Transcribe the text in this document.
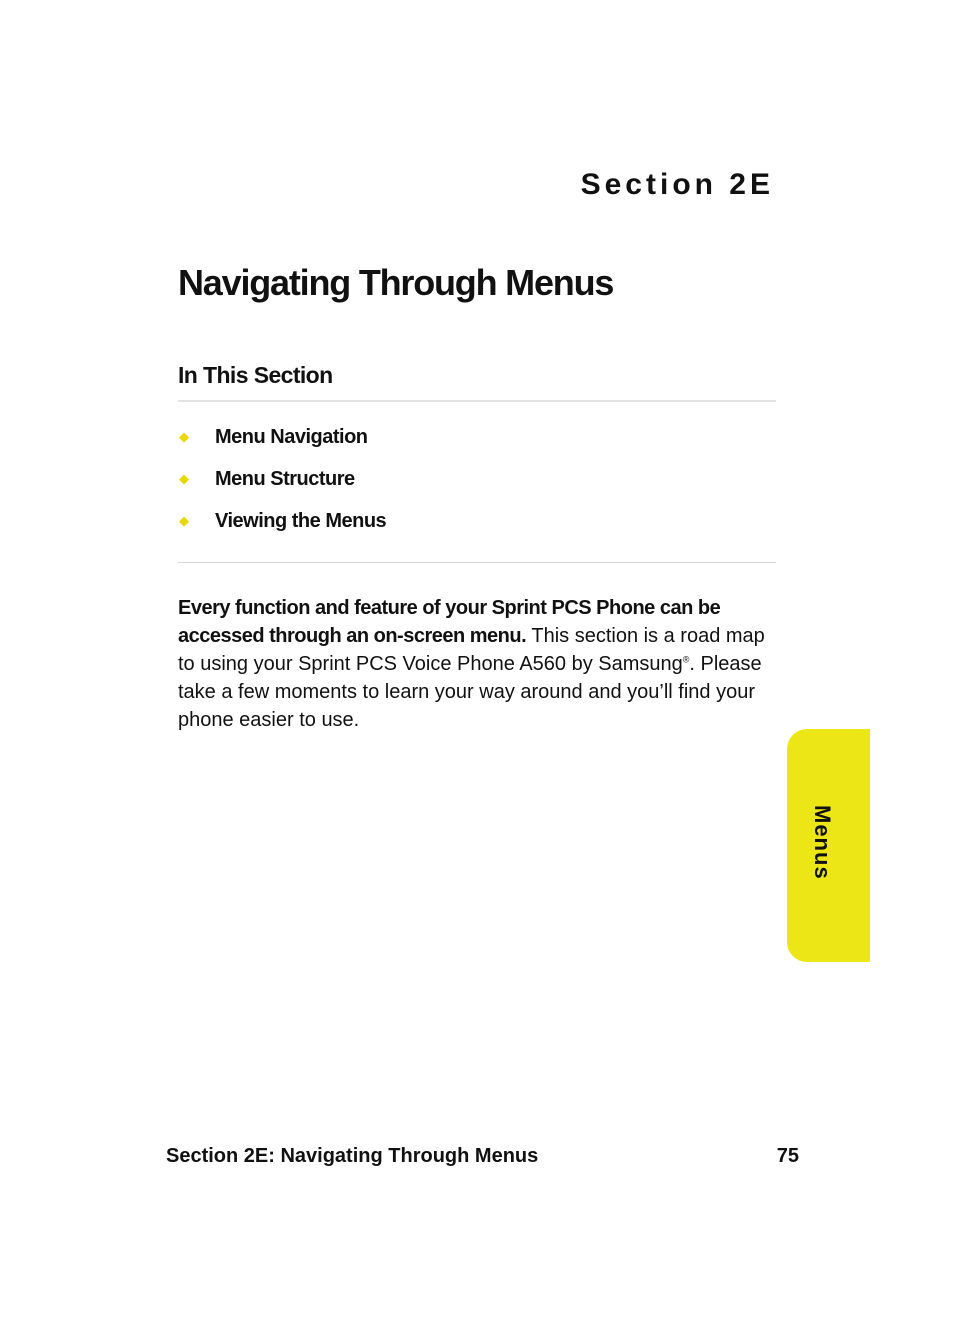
Section 2E
Navigating Through Menus
In This Section
◆	Menu Navigation
◆	Menu Structure
◆	Viewing the Menus

Every function and feature of your Sprint PCS Phone can be accessed through an on-screen menu. This section is a road map to using your Sprint PCS Voice Phone A560 by Samsung®. Please take a few moments to learn your way around and you’ll find your phone easier to use.

Menus

Section 2E: Navigating Through Menus	75
